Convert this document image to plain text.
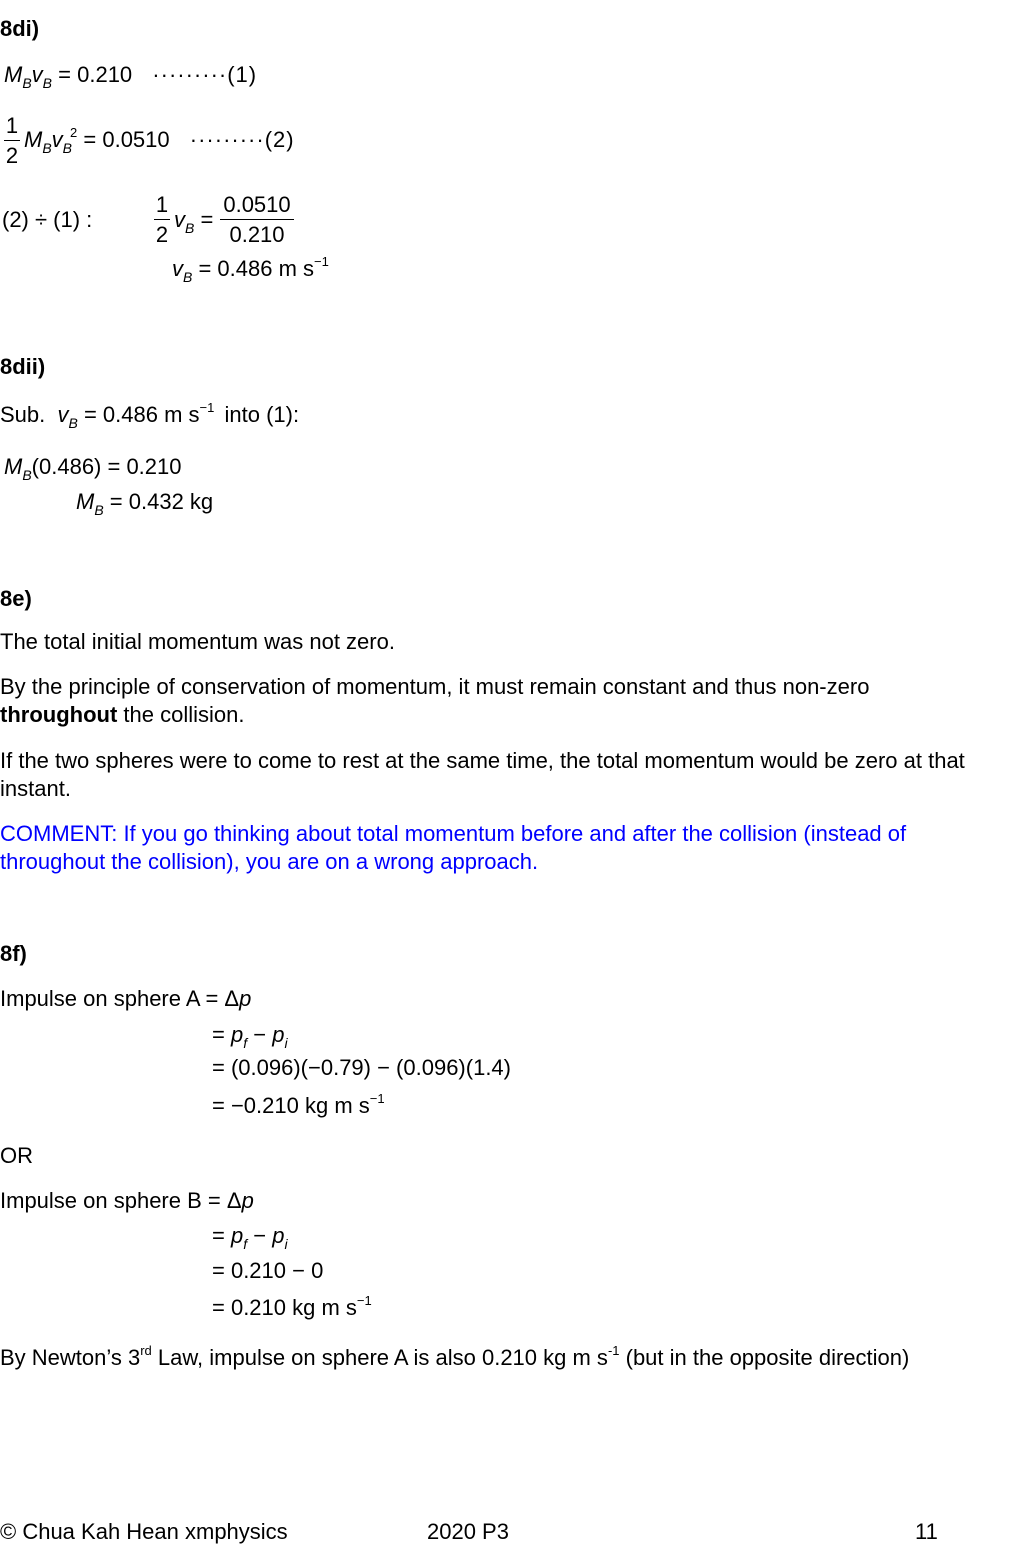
8di)
$M_Bv_B = 0.210 \cdot\cdot\cdot\cdot\cdot\cdot\cdot\cdot\cdot(1)$
1
2
$M_Bv_B^2 = 0.0510 \cdot\cdot\cdot\cdot\cdot\cdot\cdot\cdot\cdot(2)$
(2) ÷ (1) :
1
2
$v_B$ =
0.0510
0.210
$v_B = 0.486$ m $s^{-1}$
8dii)
Sub. $v_B = 0.486$ m $s^{-1}$ into (1):
$M_B(0.486) = 0.210$
$M_B = 0.432$ kg
8e)
The total initial momentum was not zero.
By the principle of conservation of momentum, it must remain constant and thus non-zero
throughout the collision.
If the two spheres were to come to rest at the same time, the total momentum would be zero at that instant.
COMMENT: If you go thinking about total momentum before and after the collision (instead of throughout the collision), you are on a wrong approach.
8f)
Impulse on sphere A = Δp
= $p_f - p_i$
= (0.096)(−0.79) − (0.096)(1.4)
= −0.210 kg m $s^{-1}$
OR
Impulse on sphere B = Δp
= $p_f - p_i$
= 0.210 − 0
= 0.210 kg m $s^{-1}$
By Newton’s 3rd Law, impulse on sphere A is also 0.210 kg m $s^{-1}$ (but in the opposite direction)
© Chua Kah Hean xmphysics	2020 P3	11
